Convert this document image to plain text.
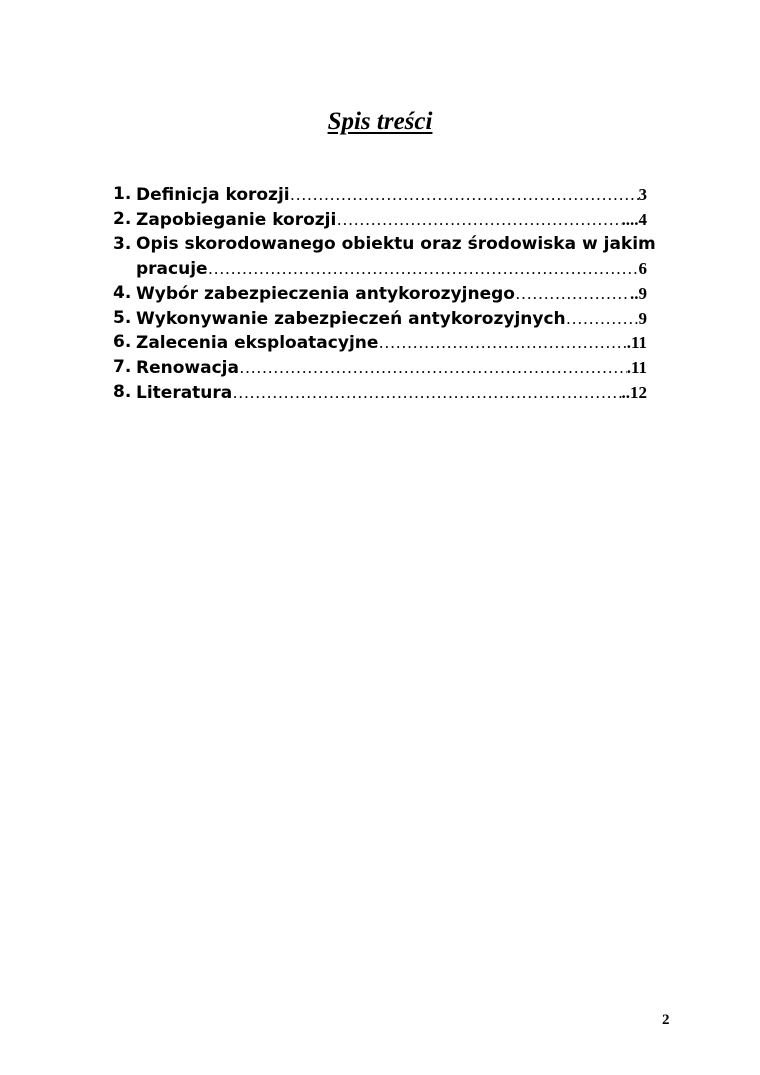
Spis treści
1. Definicja korozji ……………………………………………………………………………………………………………………………………………………	3
2. Zapobieganie korozji ……………………………………………………………………………………………………………………………………………………	....4
3. Opis skorodowanego obiektu oraz środowiska w jakim
pracuje ……………………………………………………………………………………………………………………………………………………	6
4. Wybór zabezpieczenia antykorozyjnego ……………………………………………………………………………………………………………………………………………………	..9
5. Wykonywanie zabezpieczeń antykorozyjnych ……………………………………………………………………………………………………………………………………………………	9
6. Zalecenia eksploatacyjne ……………………………………………………………………………………………………………………………………………………	.11
7. Renowacja ……………………………………………………………………………………………………………………………………………………	.11
8. Literatura ……………………………………………………………………………………………………………………………………………………	..12
2
